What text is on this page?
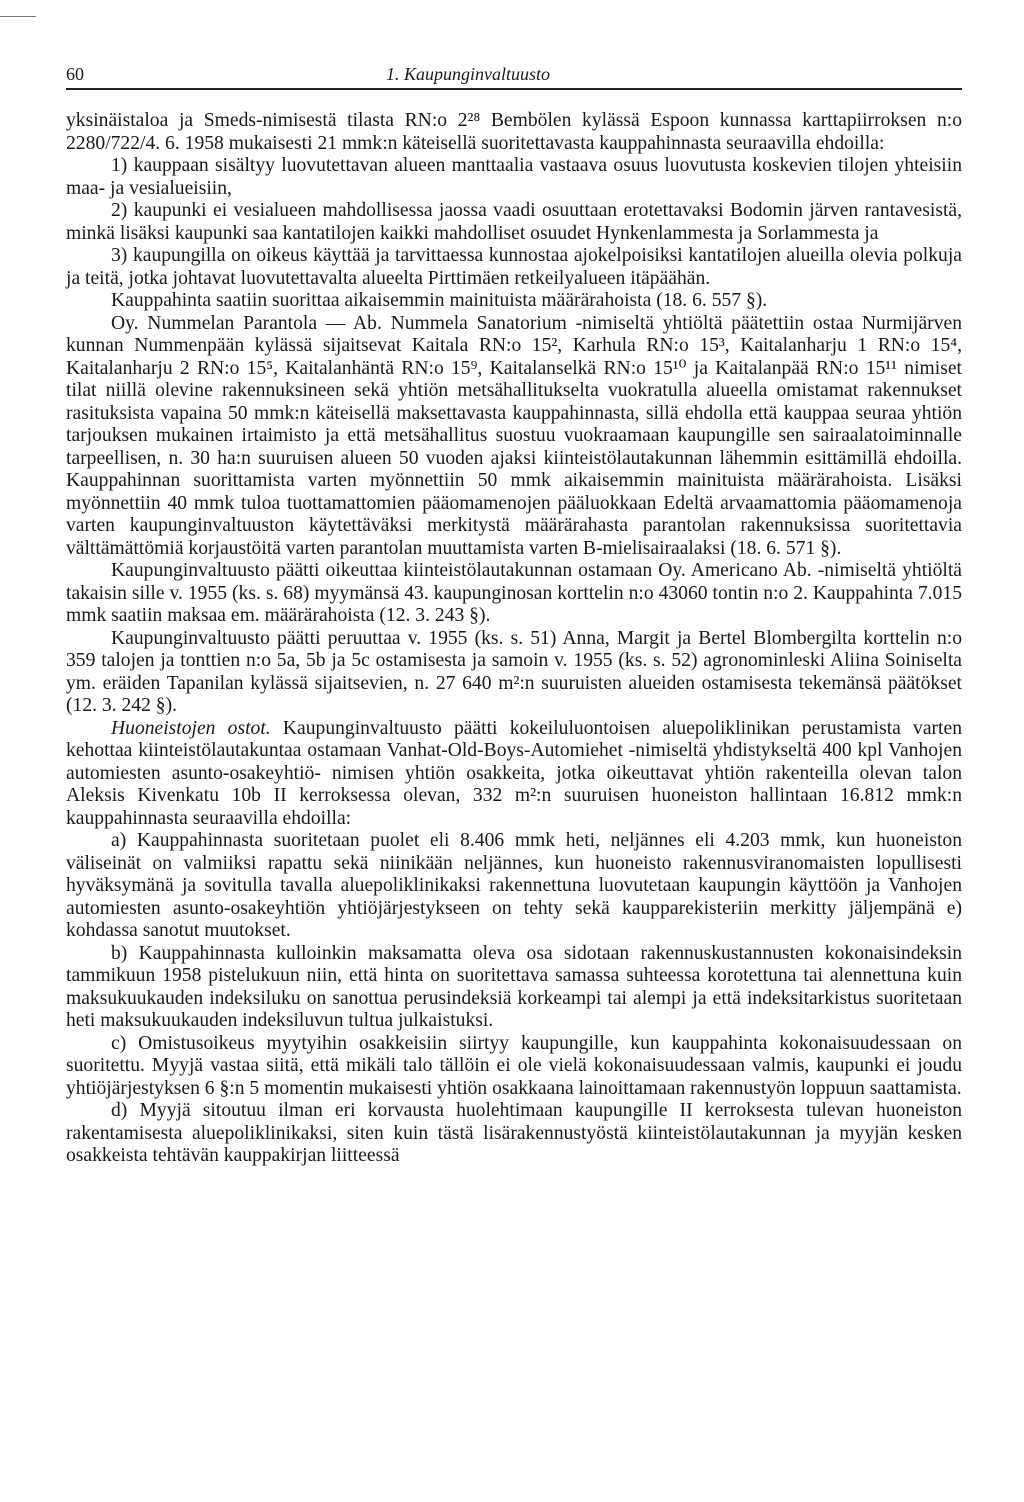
60	1. Kaupunginvaltuusto

yksinäistaloa ja Smeds-nimisestä tilasta RN:o 2²⁸ Bembölen kylässä Espoon kunnassa karttapiirroksen n:o 2280/722/4. 6. 1958 mukaisesti 21 mmk:n käteisellä suoritettavasta kauppahinnasta seuraavilla ehdoilla:

1) kauppaan sisältyy luovutettavan alueen manttaalia vastaava osuus luovutusta koskevien tilojen yhteisiin maa- ja vesialueisiin,

2) kaupunki ei vesialueen mahdollisessa jaossa vaadi osuuttaan erotettavaksi Bodomin järven rantavesistä, minkä lisäksi kaupunki saa kantatilojen kaikki mahdolliset osuudet Hynkenlammesta ja Sorlammesta ja

3) kaupungilla on oikeus käyttää ja tarvittaessa kunnostaa ajokelpoisiksi kantatilojen alueilla olevia polkuja ja teitä, jotka johtavat luovutettavalta alueelta Pirttimäen retkeilyalueen itäpäähän.

Kauppahinta saatiin suorittaa aikaisemmin mainituista määrärahoista (18. 6. 557 §).

Oy. Nummelan Parantola — Ab. Nummela Sanatorium -nimiseltä yhtiöltä päätettiin ostaa Nurmijärven kunnan Nummenpään kylässä sijaitsevat Kaitala RN:o 15², Karhula RN:o 15³, Kaitalanharju 1 RN:o 15⁴, Kaitalanharju 2 RN:o 15⁵, Kaitalanhäntä RN:o 15⁹, Kaitalanselkä RN:o 15¹⁰ ja Kaitalanpää RN:o 15¹¹ nimiset tilat niillä olevine rakennuksineen sekä yhtiön metsähallitukselta vuokratulla alueella omistamat rakennukset rasituksista vapaina 50 mmk:n käteisellä maksettavasta kauppahinnasta, sillä ehdolla että kauppaa seuraa yhtiön tarjouksen mukainen irtaimisto ja että metsähallitus suostuu vuokraamaan kaupungille sen sairaalatoiminnalle tarpeellisen, n. 30 ha:n suuruisen alueen 50 vuoden ajaksi kiinteistölautakunnan lähemmin esittämillä ehdoilla. Kauppahinnan suorittamista varten myönnettiin 50 mmk aikaisemmin mainituista määrärahoista. Lisäksi myönnettiin 40 mmk tuloa tuottamattomien pääomamenojen pääluokkaan Edeltä arvaamattomia pääomamenoja varten kaupunginvaltuuston käytettäväksi merkitystä määrärahasta parantolan rakennuksissa suoritettavia välttämättömiä korjaustöitä varten parantolan muuttamista varten B-mielisairaalaksi (18. 6. 571 §).

Kaupunginvaltuusto päätti oikeuttaa kiinteistölautakunnan ostamaan Oy. Americano Ab. -nimiseltä yhtiöltä takaisin sille v. 1955 (ks. s. 68) myymänsä 43. kaupunginosan korttelin n:o 43060 tontin n:o 2. Kauppahinta 7.015 mmk saatiin maksaa em. määrärahoista (12. 3. 243 §).

Kaupunginvaltuusto päätti peruuttaa v. 1955 (ks. s. 51) Anna, Margit ja Bertel Blombergilta korttelin n:o 359 talojen ja tonttien n:o 5a, 5b ja 5c ostamisesta ja samoin v. 1955 (ks. s. 52) agronominleski Aliina Soiniselta ym. eräiden Tapanilan kylässä sijaitsevien, n. 27 640 m²:n suuruisten alueiden ostamisesta tekemänsä päätökset (12. 3. 242 §).

Huoneistojen ostot. Kaupunginvaltuusto päätti kokeiluluontoisen aluepoliklinikan perustamista varten kehottaa kiinteistölautakuntaa ostamaan Vanhat-Old-Boys-Automiehet -nimiseltä yhdistykseltä 400 kpl Vanhojen automiesten asunto-osakeyhtiö- nimisen yhtiön osakkeita, jotka oikeuttavat yhtiön rakenteilla olevan talon Aleksis Kivenkatu 10b II kerroksessa olevan, 332 m²:n suuruisen huoneiston hallintaan 16.812 mmk:n kauppahinnasta seuraavilla ehdoilla:

a) Kauppahinnasta suoritetaan puolet eli 8.406 mmk heti, neljännes eli 4.203 mmk, kun huoneiston väliseinät on valmiiksi rapattu sekä niinikään neljännes, kun huoneisto rakennusviranomaisten lopullisesti hyväksymänä ja sovitulla tavalla aluepoliklinikaksi rakennettuna luovutetaan kaupungin käyttöön ja Vanhojen automiesten asunto-osakeyhtiön yhtiöjärjestykseen on tehty sekä kaupparekisteriin merkitty jäljempänä e) kohdassa sanotut muutokset.

b) Kauppahinnasta kulloinkin maksamatta oleva osa sidotaan rakennuskustannusten kokonaisindeksin tammikuun 1958 pistelukuun niin, että hinta on suoritettava samassa suhteessa korotettuna tai alennettuna kuin maksukuukauden indeksiluku on sanottua perusindeksiä korkeampi tai alempi ja että indeksitarkistus suoritetaan heti maksukuukauden indeksiluvun tultua julkaistuksi.

c) Omistusoikeus myytyihin osakkeisiin siirtyy kaupungille, kun kauppahinta kokonaisuudessaan on suoritettu. Myyjä vastaa siitä, että mikäli talo tällöin ei ole vielä kokonaisuudessaan valmis, kaupunki ei joudu yhtiöjärjestyksen 6 §:n 5 momentin mukaisesti yhtiön osakkaana lainoittamaan rakennustyön loppuun saattamista.

d) Myyjä sitoutuu ilman eri korvausta huolehtimaan kaupungille II kerroksesta tulevan huoneiston rakentamisesta aluepoliklinikaksi, siten kuin tästä lisärakennustyöstä kiinteistölautakunnan ja myyjän kesken osakkeista tehtävän kauppakirjan liitteessä
